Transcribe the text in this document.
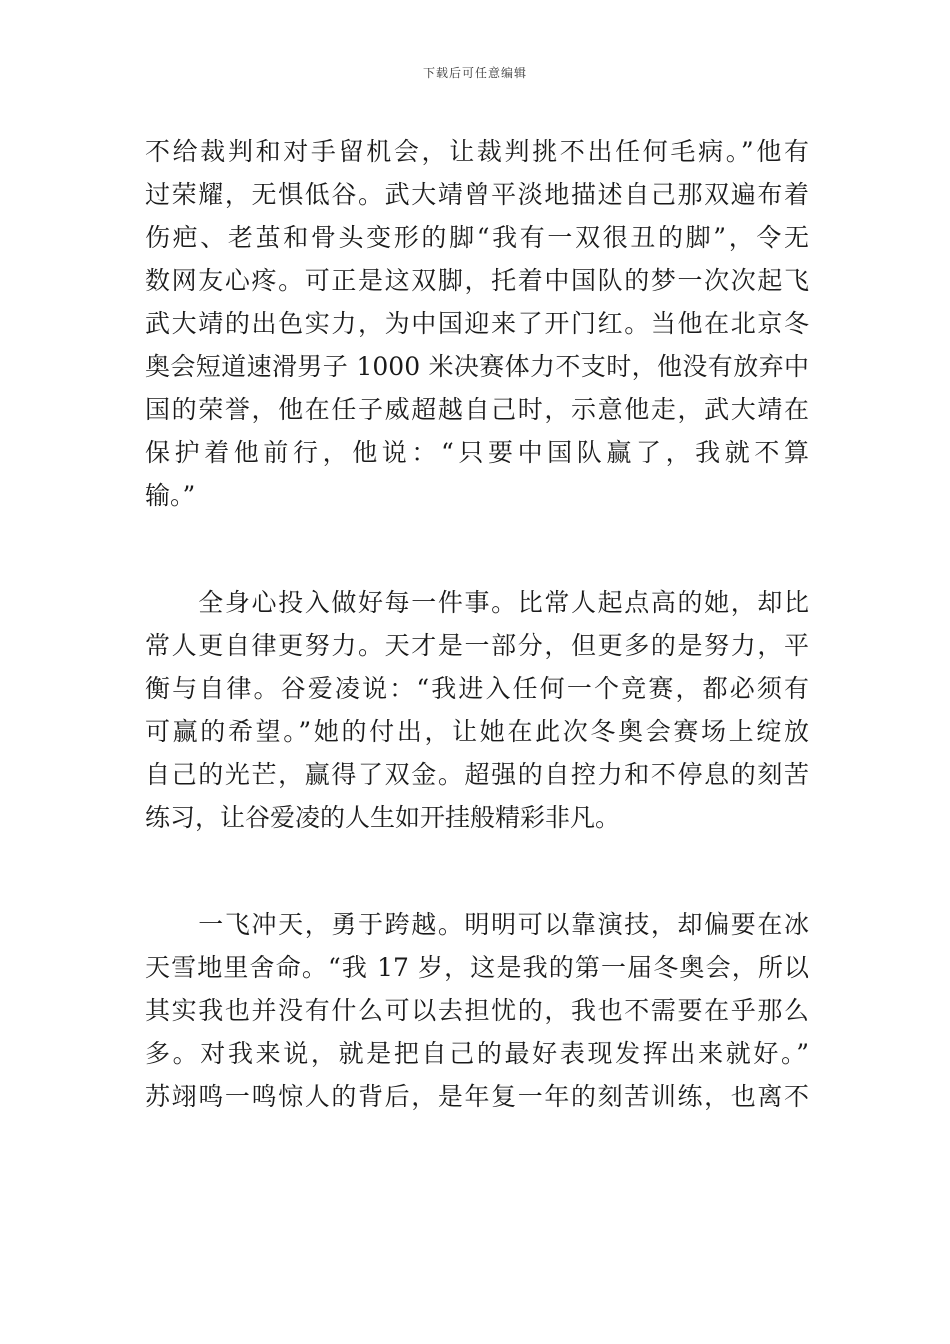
下载后可任意编辑
不给裁判和对手留机会，让裁判挑不出任何毛病。”他有
过荣耀，无惧低谷。武大靖曾平淡地描述自己那双遍布着
伤疤、老茧和骨头变形的脚“我有一双很丑的脚”，令无
数网友心疼。可正是这双脚，托着中国队的梦一次次起飞
武大靖的出色实力，为中国迎来了开门红。当他在北京冬
奥会短道速滑男子 1000 米决赛体力不支时，他没有放弃中
国的荣誉，他在任子威超越自己时，示意他走，武大靖在
保护着他前行，他说：“只要中国队赢了，我就不算
输。”
　　全身心投入做好每一件事。比常人起点高的她，却比
常人更自律更努力。天才是一部分，但更多的是努力，平
衡与自律。谷爱凌说：“我进入任何一个竞赛，都必须有
可赢的希望。”她的付出，让她在此次冬奥会赛场上绽放
自己的光芒，赢得了双金。超强的自控力和不停息的刻苦
练习，让谷爱凌的人生如开挂般精彩非凡。
　　一飞冲天，勇于跨越。明明可以靠演技，却偏要在冰
天雪地里舍命。“我 17 岁，这是我的第一届冬奥会，所以
其实我也并没有什么可以去担忧的，我也不需要在乎那么
多。对我来说，就是把自己的最好表现发挥出来就好。”
苏翊鸣一鸣惊人的背后，是年复一年的刻苦训练，也离不
